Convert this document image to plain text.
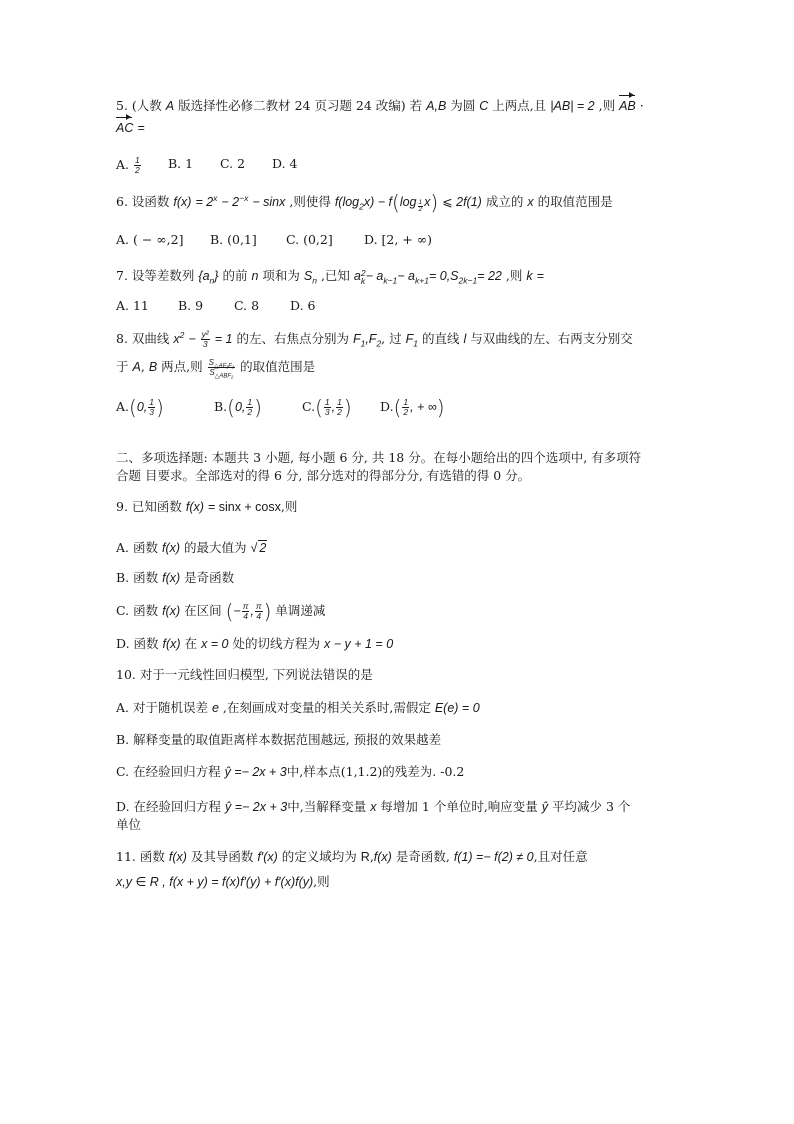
5. (人教 A 版选择性必修二教材 24 页习题 24 改编) 若 A,B 为圆 C 上两点,且 |AB| = 2 ,则 AB ·
AC =
A. $\frac{1}{2} B$. 1 C. 2 D. 4
6. 设函数 $f(x) = 2^x - 2^{-x} - \sin x$ ,则使得 $f(\log_2x) - f(\log \frac{1}{2} x)$ ⩽ 2f(1) 成立的 x 的取值范围是
A. ( − ∞,2] B. (0,1] C. (0,2]	D. [2, + ∞)
7. 设等差数列 $\{a_n\}$ 的前 n 项和为 $S_n$ ,已知 a 2
$k - a_{k-1}- a_{k+1}= 0,S_{2k-1}= 22$ ,则 k =
A. 11 B. 9 C. 8 D. 6
8. 双曲线 $x^2 - \frac{\text{y²}}{3} = 1$ 的左、右焦点分别为 $F_1,F_2$, 过 $F_1$ 的直线 l 与双曲线的左、右两支分别交
于 A, B 两点,则 $\frac{S_{\triangle AF_1F_2}}{S_{\triangle ABF_2}}$ 的取值范围是
A.(0, $\frac{1}{3}$ )	B.(0, $\frac{1}{2}$ )	$C.( \frac{1}{3}$ , $\frac{1}{2}$ ) $D.( \frac{1}{2}$ , + ∞)
二、多项选择题: 本题共 3 小题, 每小题 6 分, 共 18 分。在每小题给出的四个选项中, 有多项符
合题 目要求。全部选对的得 6 分, 部分选对的得部分分, 有选错的得 0 分。
9. 已知函数 f(x) = sinx + cosx,则
A. 函数 f(x) 的最大值为 √ 2
B. 函数 f(x) 是奇函数
C. 函数 f(x) 在区间 (− $\frac{\pi}{4}$ , $\frac{\pi}{4}$ ) 单调递减
D. 函数 f(x) 在 x = 0 处的切线方程为 x − y + 1 = 0
10. 对于一元线性回归模型, 下列说法错误的是
A. 对于随机误差 e ,在刻画成对变量的相关关系时,需假定 E(e) = 0
B. 解释变量的取值距离样本数据范围越远, 预报的效果越差
C. 在经验回归方程 ŷ =− 2x + 3中,样本点(1,1.2)的残差为. -0.2
D. 在经验回归方程 ŷ =− 2x + 3中,当解释变量 x 每增加 1 个单位时,响应变量 ŷ 平均减少 3 个
单位
11. 函数 f(x) 及其导函数 f′(x) 的定义域均为 R,f(x) 是奇函数, f(1) =− f(2) ≠ 0,且对任意
x,y ∈ R , f(x + y) = f(x)f′(y) + f′(x)f(y),则
